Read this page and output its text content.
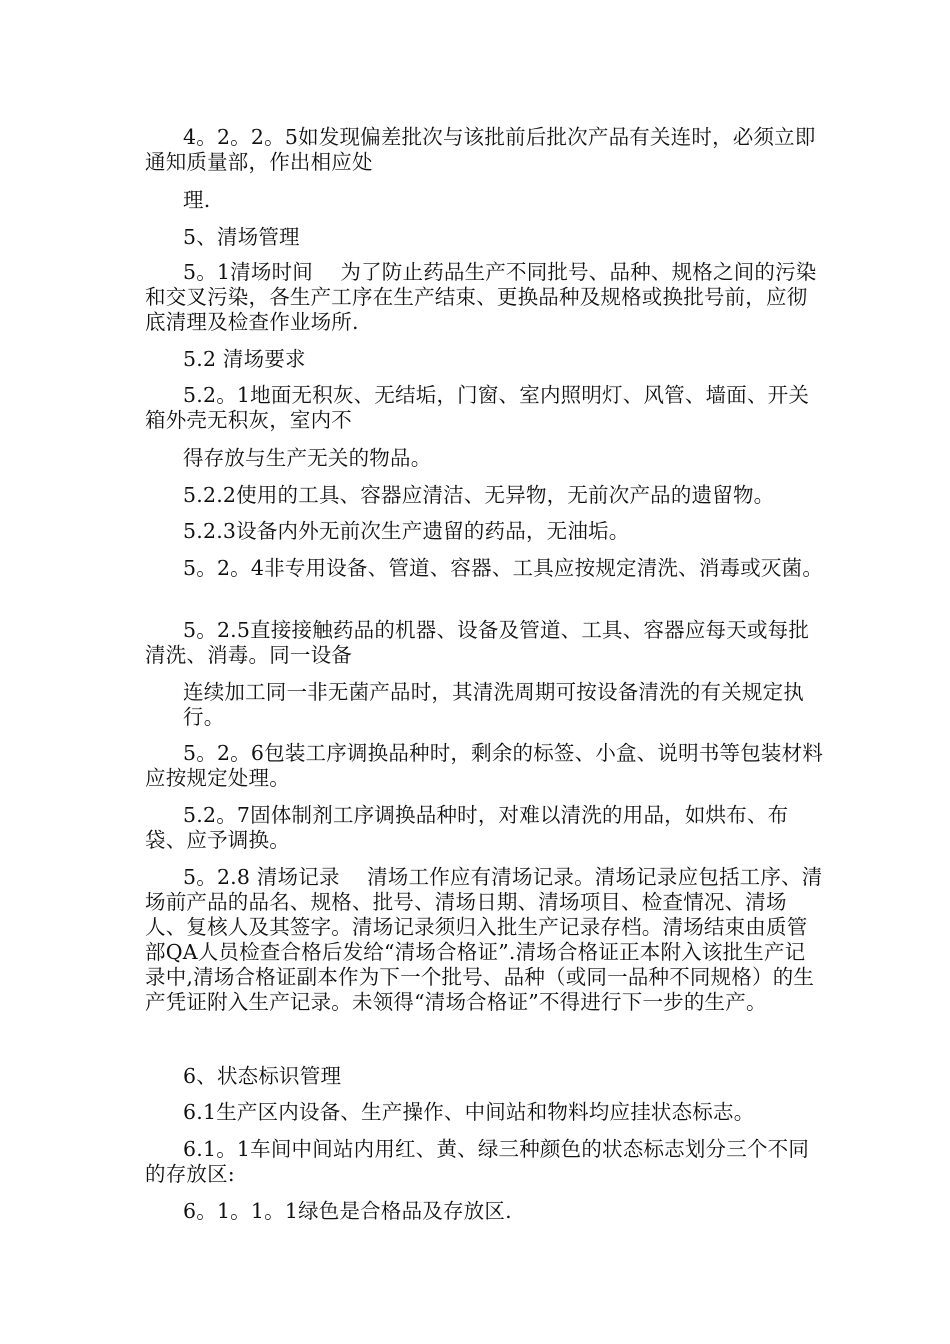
4。2。2。5如发现偏差批次与该批前后批次产品有关连时，必须立即通知质量部，作出相应处
理.
5、清场管理
5。1清场时间　 为了防止药品生产不同批号、品种、规格之间的污染和交叉污染，各生产工序在生产结束、更换品种及规格或换批号前，应彻底清理及检查作业场所.
5.2 清场要求
5.2。1地面无积灰、无结垢，门窗、室内照明灯、风管、墙面、开关箱外壳无积灰，室内不
得存放与生产无关的物品。
5.2.2使用的工具、容器应清洁、无异物，无前次产品的遗留物。
5.2.3设备内外无前次生产遗留的药品，无油垢。
5。2。4非专用设备、管道、容器、工具应按规定清洗、消毒或灭菌。
5。2.5直接接触药品的机器、设备及管道、工具、容器应每天或每批清洗、消毒。同一设备
连续加工同一非无菌产品时，其清洗周期可按设备清洗的有关规定执行。
5。2。6包装工序调换品种时，剩余的标签、小盒、说明书等包装材料应按规定处理。
5.2。7固体制剂工序调换品种时，对难以清洗的用品，如烘布、布袋、应予调换。
5。2.8 清场记录　 清场工作应有清场记录。清场记录应包括工序、清场前产品的品名、规格、批号、清场日期、清场项目、检查情况、清场人、复核人及其签字。清场记录须归入批生产记录存档。清场结束由质管部QA人员检查合格后发给“清场合格证”.清场合格证正本附入该批生产记录中,清场合格证副本作为下一个批号、品种（或同一品种不同规格）的生产凭证附入生产记录。未领得“清场合格证”不得进行下一步的生产。
6、状态标识管理
6.1生产区内设备、生产操作、中间站和物料均应挂状态标志。
6.1。1车间中间站内用红、黄、绿三种颜色的状态标志划分三个不同的存放区:
6。1。1。1绿色是合格品及存放区.
